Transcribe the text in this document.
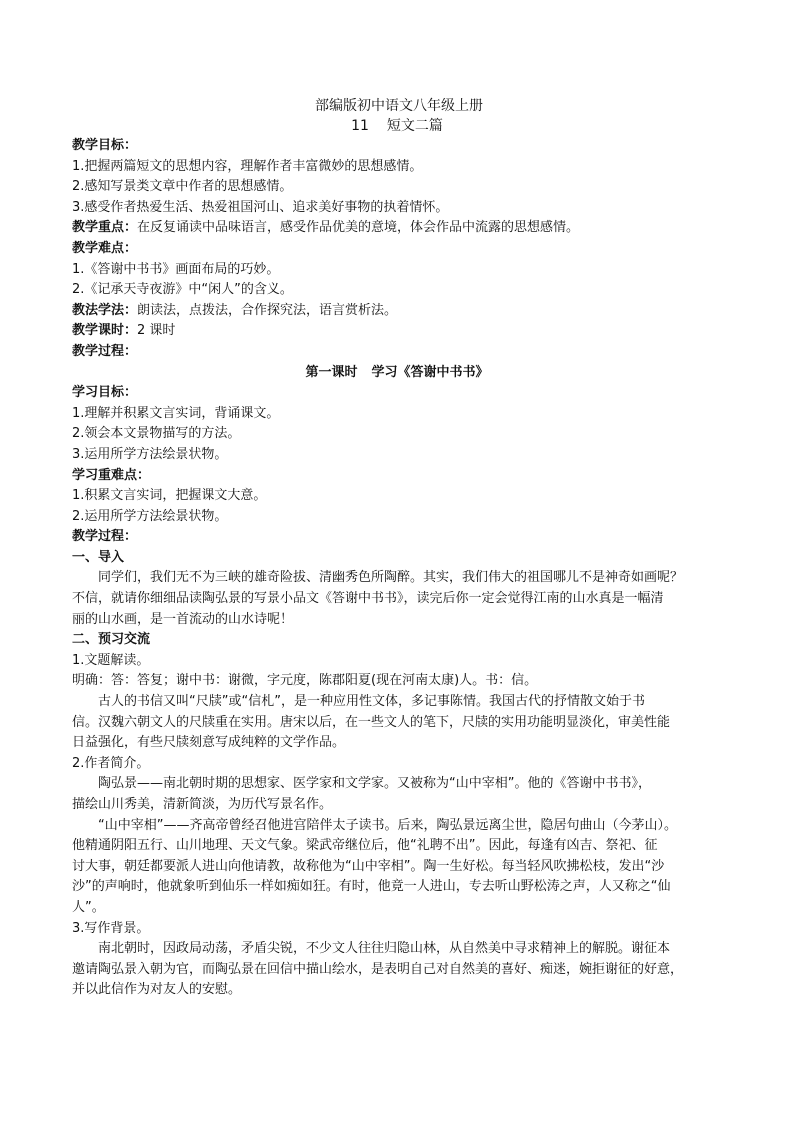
部编版初中语文八年级上册
11 短文二篇
教学目标：
1.把握两篇短文的思想内容，理解作者丰富微妙的思想感情。
2.感知写景类文章中作者的思想感情。
3.感受作者热爱生活、热爱祖国河山、追求美好事物的执着情怀。
教学重点：在反复诵读中品味语言，感受作品优美的意境，体会作品中流露的思想感情。
教学难点：
1.《答谢中书书》画面布局的巧妙。
2.《记承天寺夜游》中“闲人”的含义。
教法学法：朗读法，点拨法，合作探究法，语言赏析法。
教学课时：2 课时
教学过程：
第一课时 学习《答谢中书书》
学习目标：
1.理解并积累文言实词，背诵课文。
2.领会本文景物描写的方法。
3.运用所学方法绘景状物。
学习重难点：
1.积累文言实词，把握课文大意。
2.运用所学方法绘景状物。
教学过程：
一、导入
同学们，我们无不为三峡的雄奇险拔、清幽秀色所陶醉。其实，我们伟大的祖国哪儿不是神奇如画呢？
不信，就请你细细品读陶弘景的写景小品文《答谢中书书》，读完后你一定会觉得江南的山水真是一幅清
丽的山水画，是一首流动的山水诗呢！
二、预习交流
1.文题解读。
明确：答：答复；谢中书：谢微，字元度，陈郡阳夏(现在河南太康)人。书：信。
古人的书信又叫“尺牍”或“信札”，是一种应用性文体，多记事陈情。我国古代的抒情散文始于书
信。汉魏六朝文人的尺牍重在实用。唐宋以后，在一些文人的笔下，尺牍的实用功能明显淡化，审美性能
日益强化，有些尺牍刻意写成纯粹的文学作品。
2.作者简介。
陶弘景——南北朝时期的思想家、医学家和文学家。又被称为“山中宰相”。他的《答谢中书书》，
描绘山川秀美，清新简淡，为历代写景名作。
“山中宰相”——齐高帝曾经召他进宫陪伴太子读书。后来，陶弘景远离尘世，隐居句曲山（今茅山）。
他精通阴阳五行、山川地理、天文气象。梁武帝继位后，他“礼聘不出”。因此，每逢有凶吉、祭祀、征
讨大事，朝廷都要派人进山向他请教，故称他为“山中宰相”。陶一生好松。每当轻风吹拂松枝，发出“沙
沙”的声响时，他就象听到仙乐一样如痴如狂。有时，他竟一人进山，专去听山野松涛之声，人又称之“仙
人”。
3.写作背景。
南北朝时，因政局动荡，矛盾尖锐，不少文人往往归隐山林，从自然美中寻求精神上的解脱。谢征本
邀请陶弘景入朝为官，而陶弘景在回信中描山绘水，是表明自己对自然美的喜好、痴迷，婉拒谢征的好意，
并以此信作为对友人的安慰。
